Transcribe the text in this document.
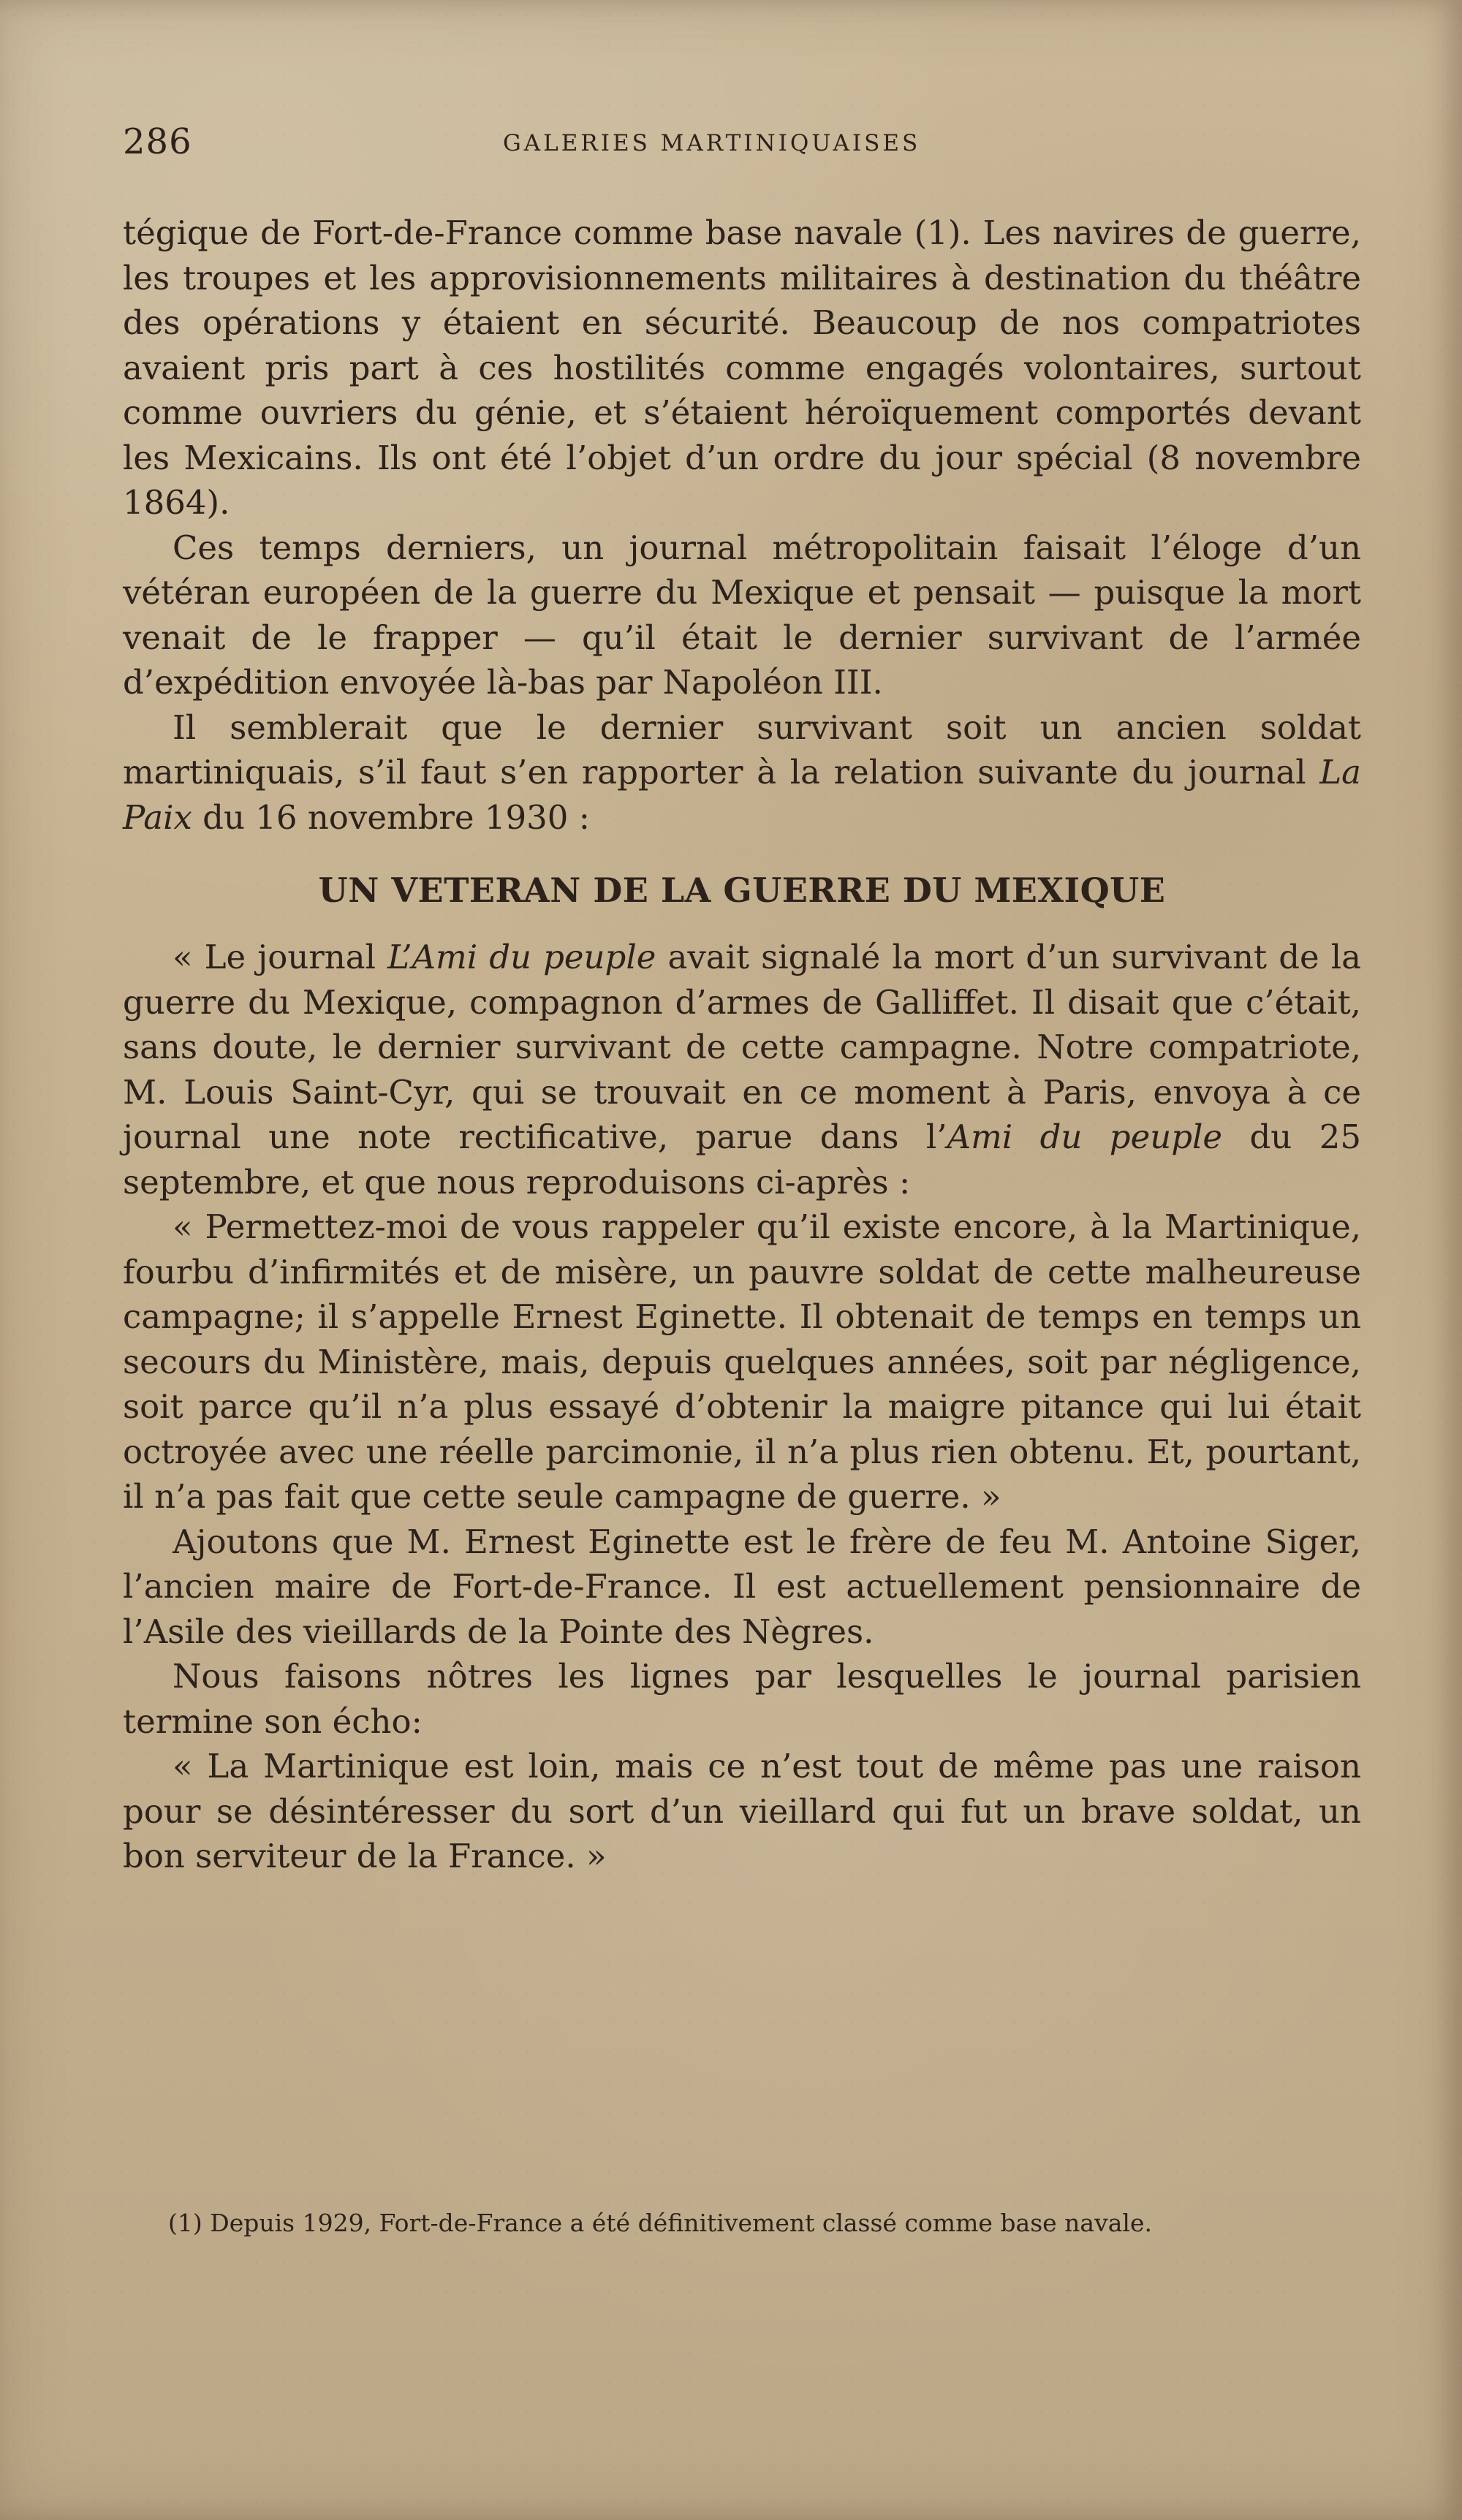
286	GALERIES MARTINIQUAISES

tégique de Fort-de-France comme base navale (1). Les navires de guerre, les troupes et les approvisionnements militaires à destination du théâtre des opérations y étaient en sécurité. Beaucoup de nos compatriotes avaient pris part à ces hostilités comme engagés volontaires, surtout comme ouvriers du génie, et s’étaient héroïquement comportés devant les Mexicains. Ils ont été l’objet d’un ordre du jour spécial (8 novembre 1864).

Ces temps derniers, un journal métropolitain faisait l’éloge d’un vétéran européen de la guerre du Mexique et pensait — puisque la mort venait de le frapper — qu’il était le dernier survivant de l’armée d’expédition envoyée là-bas par Napoléon III.

Il semblerait que le dernier survivant soit un ancien soldat martiniquais, s’il faut s’en rapporter à la relation suivante du journal La Paix du 16 novembre 1930 :

UN VETERAN DE LA GUERRE DU MEXIQUE

« Le journal L’Ami du peuple avait signalé la mort d’un survivant de la guerre du Mexique, compagnon d’armes de Galliffet. Il disait que c’était, sans doute, le dernier survivant de cette campagne. Notre compatriote, M. Louis Saint-Cyr, qui se trouvait en ce moment à Paris, envoya à ce journal une note rectificative, parue dans l’Ami du peuple du 25 septembre, et que nous reproduisons ci-après :

« Permettez-moi de vous rappeler qu’il existe encore, à la Martinique, fourbu d’infirmités et de misère, un pauvre soldat de cette malheureuse campagne; il s’appelle Ernest Eginette. Il obtenait de temps en temps un secours du Ministère, mais, depuis quelques années, soit par négligence, soit parce qu’il n’a plus essayé d’obtenir la maigre pitance qui lui était octroyée avec une réelle parcimonie, il n’a plus rien obtenu. Et, pourtant, il n’a pas fait que cette seule campagne de guerre. »

Ajoutons que M. Ernest Eginette est le frère de feu M. Antoine Siger, l’ancien maire de Fort-de-France. Il est actuellement pensionnaire de l’Asile des vieillards de la Pointe des Nègres.

Nous faisons nôtres les lignes par lesquelles le journal parisien termine son écho:

« La Martinique est loin, mais ce n’est tout de même pas une raison pour se désintéresser du sort d’un vieillard qui fut un brave soldat, un bon serviteur de la France. »

(1) Depuis 1929, Fort-de-France a été définitivement classé comme base navale.
